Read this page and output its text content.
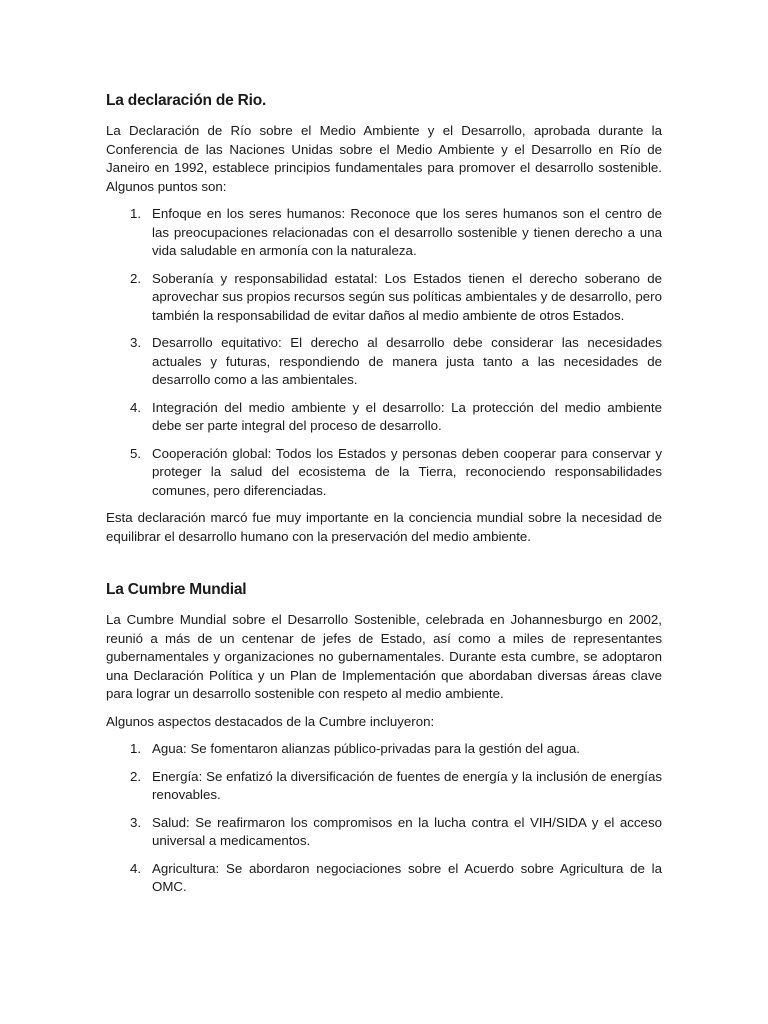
La declaración de Rio.

La Declaración de Río sobre el Medio Ambiente y el Desarrollo, aprobada durante la Conferencia de las Naciones Unidas sobre el Medio Ambiente y el Desarrollo en Río de Janeiro en 1992, establece principios fundamentales para promover el desarrollo sostenible. Algunos puntos son:

1. Enfoque en los seres humanos: Reconoce que los seres humanos son el centro de las preocupaciones relacionadas con el desarrollo sostenible y tienen derecho a una vida saludable en armonía con la naturaleza.
2. Soberanía y responsabilidad estatal: Los Estados tienen el derecho soberano de aprovechar sus propios recursos según sus políticas ambientales y de desarrollo, pero también la responsabilidad de evitar daños al medio ambiente de otros Estados.
3. Desarrollo equitativo: El derecho al desarrollo debe considerar las necesidades actuales y futuras, respondiendo de manera justa tanto a las necesidades de desarrollo como a las ambientales.
4. Integración del medio ambiente y el desarrollo: La protección del medio ambiente debe ser parte integral del proceso de desarrollo.
5. Cooperación global: Todos los Estados y personas deben cooperar para conservar y proteger la salud del ecosistema de la Tierra, reconociendo responsabilidades comunes, pero diferenciadas.

Esta declaración marcó fue muy importante en la conciencia mundial sobre la necesidad de equilibrar el desarrollo humano con la preservación del medio ambiente.

La Cumbre Mundial

La Cumbre Mundial sobre el Desarrollo Sostenible, celebrada en Johannesburgo en 2002, reunió a más de un centenar de jefes de Estado, así como a miles de representantes gubernamentales y organizaciones no gubernamentales. Durante esta cumbre, se adoptaron una Declaración Política y un Plan de Implementación que abordaban diversas áreas clave para lograr un desarrollo sostenible con respeto al medio ambiente.

Algunos aspectos destacados de la Cumbre incluyeron:

1. Agua: Se fomentaron alianzas público-privadas para la gestión del agua.
2. Energía: Se enfatizó la diversificación de fuentes de energía y la inclusión de energías renovables.
3. Salud: Se reafirmaron los compromisos en la lucha contra el VIH/SIDA y el acceso universal a medicamentos.
4. Agricultura: Se abordaron negociaciones sobre el Acuerdo sobre Agricultura de la OMC.
